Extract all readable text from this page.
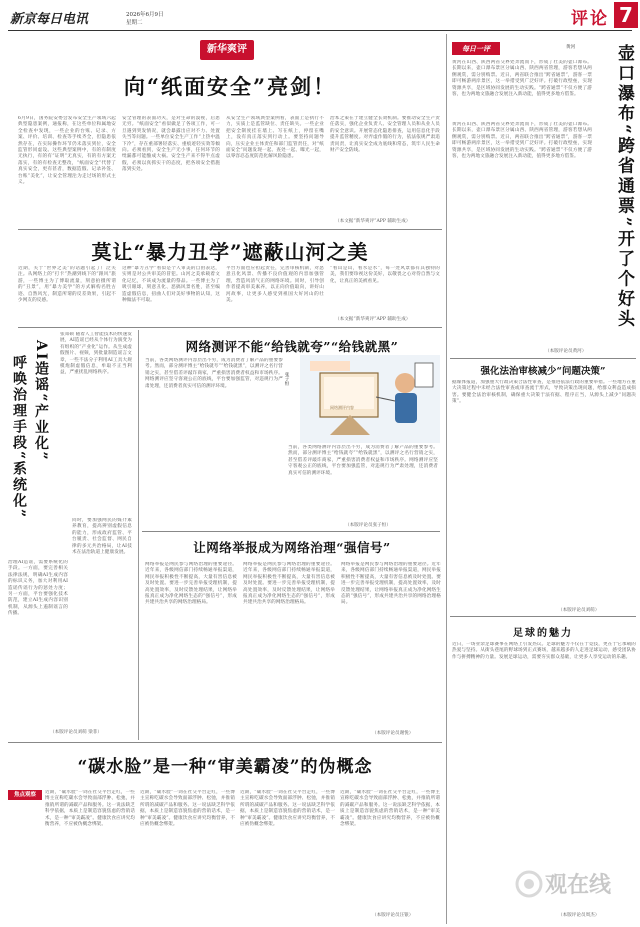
新京每日电讯	2026年6月9日
星期二	评论 7
新华爽评
向“纸面安全”亮剑！
6月9日，国务院安委会发布安全生产领域六起典型隐患案例，通报称，在这些单位和属地安全检查中发现，一些企业的台账、记录、方案、评价、培训、检查等手续齐全，但隐患依然存在，在实际操作环节仍未落实到位，安全监管形同虚设。这些典型案例中，有的有制度无执行，有的有“证明”无真实，有的有方案无落实，有的有检查无整改，“纸面安全”代替了真实安全，更有甚者，数据造假、记录补签、台账“美化”，让安全管理沦为走过场的形式主义。
安全管理的表面功夫，是对生命的漠视，后患无穷。“纸面安全”看似做足了各项工作，可一旦遇到突发情况，就会暴露出应对不力、处置失当等问题。一些单位安全生产工作“上热中温下冷”，存在重部署轻落实、重痕迹轻实效等倾向。必须看到，安全生产无小事，任何环节的纰漏都可能酿成大祸。安全生产来不得半点虚假，必须以真抓实干的态度，把各项安全措施落到实处。
从安全生产领域典型案例看，表面上是执行不力，实质上是监管缺位、责任缺失。一些企业把安全制度挂在墙上、写在纸上，停留在嘴上，没有真正落实到行动上。要坚持问题导向，压实企业主体责任和部门监管责任，对“纸面安全”问题发现一起、查处一起、曝光一起，以零容忍态度防范化解风险隐患。
治本之策在于建立健全长效机制。要推动安全生产责任落实，强化企业负责人、安全管理人员和从业人员的安全意识。开展常态化隐患排查，运用信息化手段提升监管精度。对弄虚作假的行为，依法依规严肃追责问责，让真实安全成为底线和常态，筑牢人民生命财产安全防线。
（本文据“新华爽评”APP 辅助生成）
莫让“暴力丑学”遮蔽山河之美
近期，关于“世界之美”的话题引起了广泛关注。从网络上的“打卡”热潮到线下的“跟风”旅游，一些博主为了博取流量，刻意拍摄所谓的“丑景”，用“暴力美学”的方式解构名胜古迹、自然风光，制造所谓的反差效果，引起不少网友的反感。
这种“暴力丑学”看似是个人审美的自由表达，实则是对公共审美的冒犯。山河之美承载着文化记忆，不该成为流量的祭品。一些博主为了吸引眼球，刻意丑化、恶搞风景名胜，甚至编造虚假信息，扭曲人们对美好事物的认知，这种做法不可取。
平台方面也应担起责任，完善审核机制，对恶意丑化风景、传播不良价值观的内容加强管理，营造风清气正的网络环境。同时，引导创作者提高审美素养，以正向价值取向，讲好山河故事，让更多人感受到祖国大好河山的壮美。
“看山是山，看水是水”，每一处风景都有其独特的美，我们要珍视这份美好，以敬畏之心对待自然与文化，让真正的美被看见。
（本文据“新华爽评”APP 辅助生成）
AI造谣“产业化”
呼唤治理手段“系统化”
张知硕 随着人工智能技术的快速发展，AI造谣已经从个体行为演变为有组织的“产业化”运作。从生成虚假图片、视频，到批量制造谣言文章，一些不法分子利用AI工具大规模炮制虚假信息，牟取不正当利益，严重扰乱网络秩序。
治理AI造谣，需要系统化的手段。一方面，要完善相关法律法规，明确AI生成内容的标识义务，加大对利用AI造谣传谣行为的惩处力度；另一方面，平台要强化技术防范，建立AI生成内容识别机制，从源头上遏制谣言的传播。
同时，要加强网民的媒介素养教育，提高辨别虚假信息的能力，形成政府监管、平台履责、社会监督、网民自律的多元共治格局，让AI技术在法治轨道上健康发展。
（本版评论员刘萌 梁菲）
网络测评不能“给钱就夸”“给钱就黑”
当前，各类网络测评内容层出不穷，成为消费者了解产品的重要参考。然而，部分测评博主“给钱就夸”“给钱就黑”，以测评之名行营销之实，甚至借差评敲诈商家，严重损害消费者权益和市场秩序。网络测评应坚守客观公正的底线，平台要加强监管，对违规行为严肃处理，还消费者真实可信的测评环境。
当前，各类网络测评内容层出不穷，成为消费者了解产品的重要参考。然而，部分测评博主“给钱就夸”“给钱就黑”，以测评之名行营销之实，甚至借差评敲诈商家，严重损害消费者权益和市场秩序。网络测评应坚守客观公正的底线，平台要加强监管，对违规行为严肃处理，还消费者真实可信的测评环境。
张子恒
（本版评论员张子恒）
网络测评内容
让网络举报成为网络治理“强信号”
网络举报是网民参与网络治理的重要途径。近年来，各级网信部门持续畅通举报渠道，网民举报积极性不断提高，大量有害信息被及时处置。要进一步完善举报受理机制，提高处置效率，及时反馈处理结果，让网络举报真正成为净化网络生态的“强信号”，形成共建共治共享的网络治理格局。
网络举报是网民参与网络治理的重要途径。近年来，各级网信部门持续畅通举报渠道，网民举报积极性不断提高，大量有害信息被及时处置。要进一步完善举报受理机制，提高处置效率，及时反馈处理结果，让网络举报真正成为净化网络生态的“强信号”，形成共建共治共享的网络治理格局。
网络举报是网民参与网络治理的重要途径。近年来，各级网信部门持续畅通举报渠道，网民举报积极性不断提高，大量有害信息被及时处置。要进一步完善举报受理机制，提高处置效率，及时反馈处理结果，让网络举报真正成为净化网络生态的“强信号”，形成共建共治共享的网络治理格局。
（本版评论员谢悦）
“碳水脸”是一种“审美霸凌”的伪概念
焦点观察	近期，“碳水脸”一词在社交平台走红，一些博主宣称吃碳水会导致面部浮肿、松弛，并推销所谓的减碳产品和服务。这一说法缺乏科学依据，本质上是制造容貌焦虑的营销话术，是一种“审美霸凌”。健康饮食应讲究均衡营养，不应被伪概念绑架。
近期，“碳水脸”一词在社交平台走红，一些博主宣称吃碳水会导致面部浮肿、松弛，并推销所谓的减碳产品和服务。这一说法缺乏科学依据，本质上是制造容貌焦虑的营销话术，是一种“审美霸凌”。健康饮食应讲究均衡营养，不应被伪概念绑架。
近期，“碳水脸”一词在社交平台走红，一些博主宣称吃碳水会导致面部浮肿、松弛，并推销所谓的减碳产品和服务。这一说法缺乏科学依据，本质上是制造容貌焦虑的营销话术，是一种“审美霸凌”。健康饮食应讲究均衡营养，不应被伪概念绑架。
近期，“碳水脸”一词在社交平台走红，一些博主宣称吃碳水会导致面部浮肿、松弛，并推销所谓的减碳产品和服务。这一说法缺乏科学依据，本质上是制造容貌焦虑的营销话术，是一种“审美霸凌”。健康饮食应讲究均衡营养，不应被伪概念绑架。
（本版评论员汪银）
每日一评	壶口瀑布“跨省通票”开了个好头
黄河
黄河在山西、陕西两省交界处奔流而下，形成了壮美的壶口瀑布。长期以来，壶口瀑布景区分属山西、陕西两省管理，游客若想从两侧观赏，需分别购票。近日，两省联合推出“跨省通票”，游客一票即可畅游两岸景区，这一举措受到广泛好评。打破行政壁垒，实现资源共享，是区域协同发展的生动实践。“跨省通票”不仅方便了游客，也为两地文旅融合发展注入新动能，值得更多地方借鉴。
黄河在山西、陕西两省交界处奔流而下，形成了壮美的壶口瀑布。长期以来，壶口瀑布景区分属山西、陕西两省管理，游客若想从两侧观赏，需分别购票。近日，两省联合推出“跨省通票”，游客一票即可畅游两岸景区，这一举措受到广泛好评。打破行政壁垒，实现资源共享，是区域协同发展的生动实践。“跨省通票”不仅方便了游客，也为两地文旅融合发展注入新动能，值得更多地方借鉴。
（本版评论员黄河）
强化法治审核减少“问题决策”
据媒体报道，加强重大行政决策合法性审查，是推进依法行政的重要举措。一些地方在重大决策过程中未经合法性审查或审查流于形式，导致决策出现问题，给群众利益造成损害。要健全法治审核机制，确保重大决策于法有据、程序正当，从源头上减少“问题决策”。
（本版评论员刘萌）
足球的魅力
近日，一场业余足球赛事在网络上引发热议。足球的魅力不仅在于竞技，更在于它承载的热爱与坚持。从街头巷尾的野球场到正式赛场，越来越多的人走进足球运动，感受团队协作与拼搏精神的力量。发展足球运动，需要夯实群众基础，让更多人享受运动的乐趣。
（本版评论员周杰）
观在线
